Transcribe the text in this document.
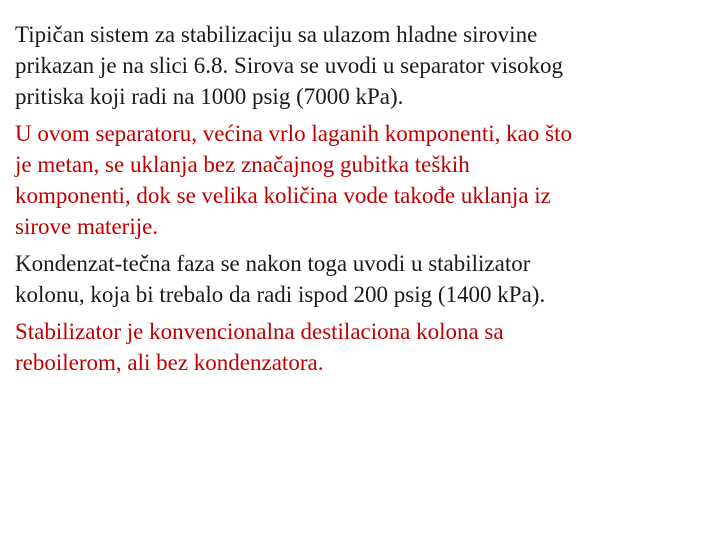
Tipičan sistem za stabilizaciju sa ulazom hladne sirovine
prikazan je na slici 6.8. Sirova se uvodi u separator visokog
pritiska koji radi na 1000 psig (7000 kPa).

U ovom separatoru, većina vrlo laganih komponenti, kao što
je metan, se uklanja bez značajnog gubitka teških
komponenti, dok se velika količina vode takođe uklanja iz
sirove materije.

Kondenzat-tečna faza se nakon toga uvodi u stabilizator
kolonu, koja bi trebalo da radi ispod 200 psig (1400 kPa).

Stabilizator je konvencionalna destilaciona kolona sa
reboilerom, ali bez kondenzatora.
